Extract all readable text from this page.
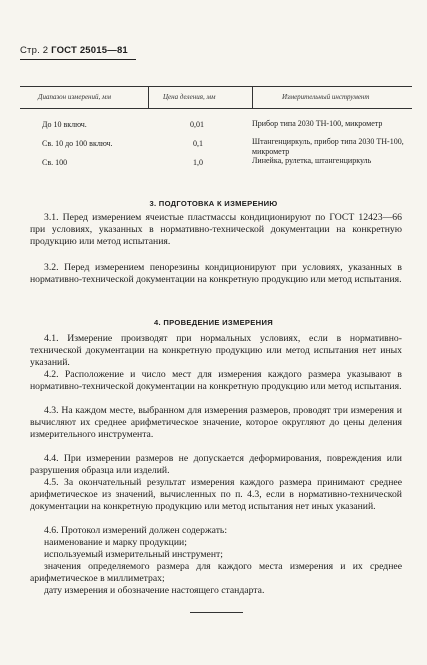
Стр. 2 ГОСТ 25015—81
Диапазон измерений, мм	Цена деления, мм	Измерительный инструмент
До 10 включ.	0,01	Прибор типа 2030 ТН-100, микрометр
Св. 10 до 100 включ.	0,1	Штангенциркуль, прибор типа 2030 ТН-100, микрометр
Св. 100	1,0	Линейка, рулетка, штангенциркуль
3. ПОДГОТОВКА К ИЗМЕРЕНИЮ
3.1. Перед измерением ячеистые пластмассы кондиционируют по ГОСТ 12423—66 при условиях, указанных в нормативно-технической документации на конкретную продукцию или метод испытания.
3.2. Перед измерением пенорезины кондиционируют при условиях, указанных в нормативно-технической документации на конкретную продукцию или метод испытания.
4. ПРОВЕДЕНИЕ ИЗМЕРЕНИЯ
4.1. Измерение производят при нормальных условиях, если в нормативно-технической документации на конкретную продукцию или метод испытания нет иных указаний.
4.2. Расположение и число мест для измерения каждого размера указывают в нормативно-технической документации на конкретную продукцию или метод испытания.
4.3. На каждом месте, выбранном для измерения размеров, проводят три измерения и вычисляют их среднее арифметическое значение, которое округляют до цены деления измерительного инструмента.
4.4. При измерении размеров не допускается деформирования, повреждения или разрушения образца или изделий.
4.5. За окончательный результат измерения каждого размера принимают среднее арифметическое из значений, вычисленных по п. 4.3, если в нормативно-технической документации на конкретную продукцию или метод испытания нет иных указаний.
4.6. Протокол измерений должен содержать:
наименование и марку продукции;
используемый измерительный инструмент;
значения определяемого размера для каждого места измерения и их среднее арифметическое в миллиметрах;
дату измерения и обозначение настоящего стандарта.
